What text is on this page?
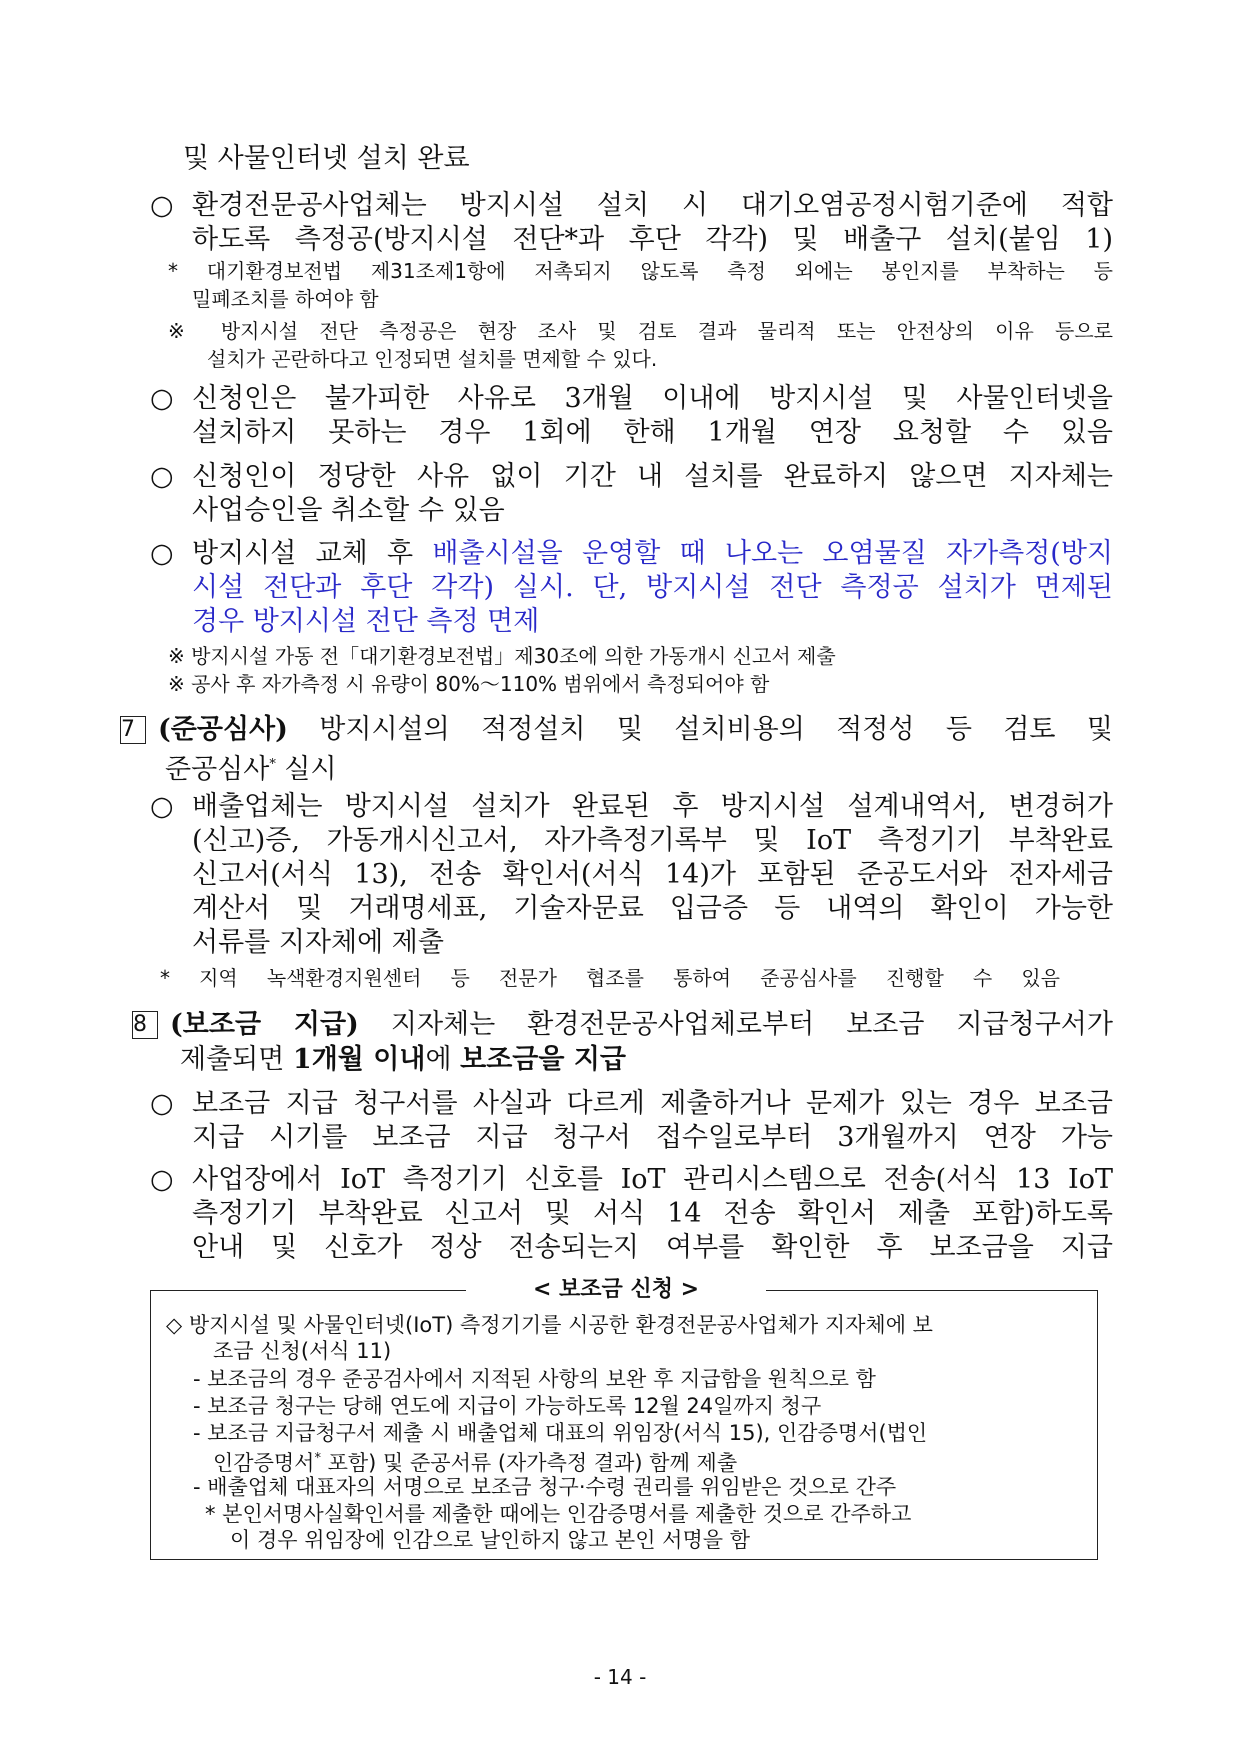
및 사물인터넷 설치 완료
○ 환경전문공사업체는 방지시설 설치 시 대기오염공정시험기준에 적합
하도록 측정공(방지시설 전단*과 후단 각각) 및 배출구 설치(붙임 1)
* 대기환경보전법 제31조제1항에 저촉되지 않도록 측정 외에는 봉인지를 부착하는 등
밀폐조치를 하여야 함
※ 방지시설 전단 측정공은 현장 조사 및 검토 결과 물리적 또는 안전상의 이유 등으로
설치가 곤란하다고 인정되면 설치를 면제할 수 있다.
○ 신청인은 불가피한 사유로 3개월 이내에 방지시설 및 사물인터넷을
설치하지 못하는 경우 1회에 한해 1개월 연장 요청할 수 있음
○ 신청인이 정당한 사유 없이 기간 내 설치를 완료하지 않으면 지자체는
사업승인을 취소할 수 있음
○ 방지시설 교체 후 배출시설을 운영할 때 나오는 오염물질 자가측정(방지
시설 전단과 후단 각각) 실시. 단, 방지시설 전단 측정공 설치가 면제된
경우 방지시설 전단 측정 면제
※ 방지시설 가동 전「대기환경보전법」제30조에 의한 가동개시 신고서 제출
※ 공사 후 자가측정 시 유량이 80%～110% 범위에서 측정되어야 함
7 (준공심사) 방지시설의 적정설치 및 설치비용의 적정성 등 검토 및
준공심사* 실시
○ 배출업체는 방지시설 설치가 완료된 후 방지시설 설계내역서, 변경허가
(신고)증, 가동개시신고서, 자가측정기록부 및 IoT 측정기기 부착완료
신고서(서식 13), 전송 확인서(서식 14)가 포함된 준공도서와 전자세금
계산서 및 거래명세표, 기술자문료 입금증 등 내역의 확인이 가능한
서류를 지자체에 제출
* 지역 녹색환경지원센터 등 전문가 협조를 통하여 준공심사를 진행할 수 있음
8 (보조금 지급) 지자체는 환경전문공사업체로부터 보조금 지급청구서가
제출되면 1개월 이내에 보조금을 지급
○ 보조금 지급 청구서를 사실과 다르게 제출하거나 문제가 있는 경우 보조금
지급 시기를 보조금 지급 청구서 접수일로부터 3개월까지 연장 가능
○ 사업장에서 IoT 측정기기 신호를 IoT 관리시스템으로 전송(서식 13 IoT
측정기기 부착완료 신고서 및 서식 14 전송 확인서 제출 포함)하도록
안내 및 신호가 정상 전송되는지 여부를 확인한 후 보조금을 지급
< 보조금 신청 >
◇ 방지시설 및 사물인터넷(IoT) 측정기기를 시공한 환경전문공사업체가 지자체에 보
조금 신청(서식 11)
- 보조금의 경우 준공검사에서 지적된 사항의 보완 후 지급함을 원칙으로 함
- 보조금 청구는 당해 연도에 지급이 가능하도록 12월 24일까지 청구
- 보조금 지급청구서 제출 시 배출업체 대표의 위임장(서식 15), 인감증명서(법인
인감증명서* 포함) 및 준공서류 (자가측정 결과) 함께 제출
- 배출업체 대표자의 서명으로 보조금 청구·수령 권리를 위임받은 것으로 간주
* 본인서명사실확인서를 제출한 때에는 인감증명서를 제출한 것으로 간주하고
이 경우 위임장에 인감으로 날인하지 않고 본인 서명을 함
- 14 -
